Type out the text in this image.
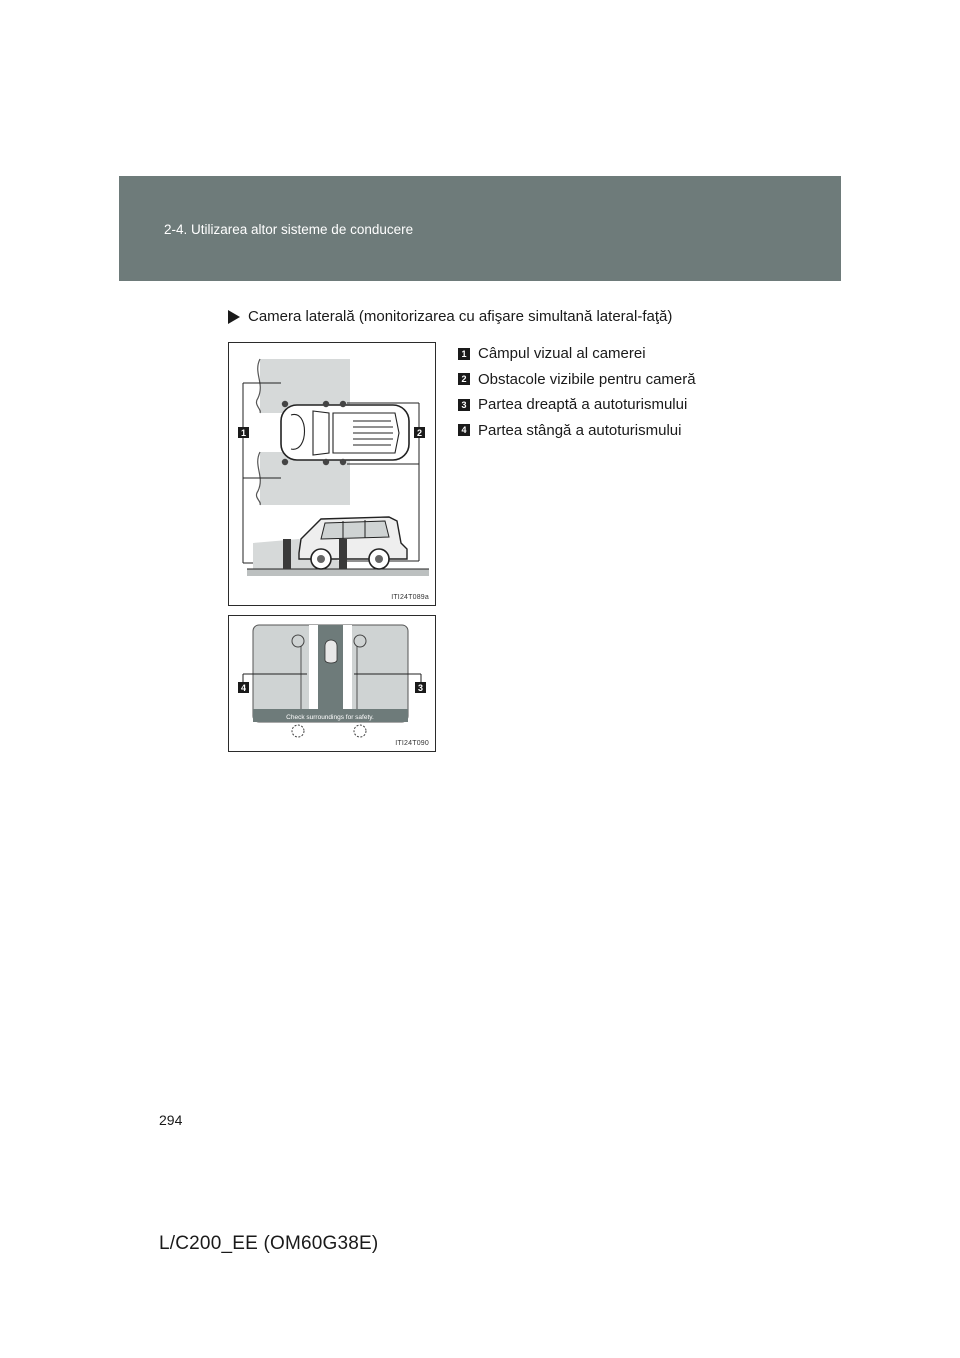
2-4. Utilizarea altor sisteme de conducere
Camera laterală (monitorizarea cu afişare simultană lateral-faţă)
1	2
ITI24T089a
Check surroundings for safety.
4	3
ITI24T090
1 Câmpul vizual al camerei
2 Obstacole vizibile pentru cameră
3 Partea dreaptă a autoturismului
4 Partea stângă a autoturismului
294
L/C200_EE (OM60G38E)
